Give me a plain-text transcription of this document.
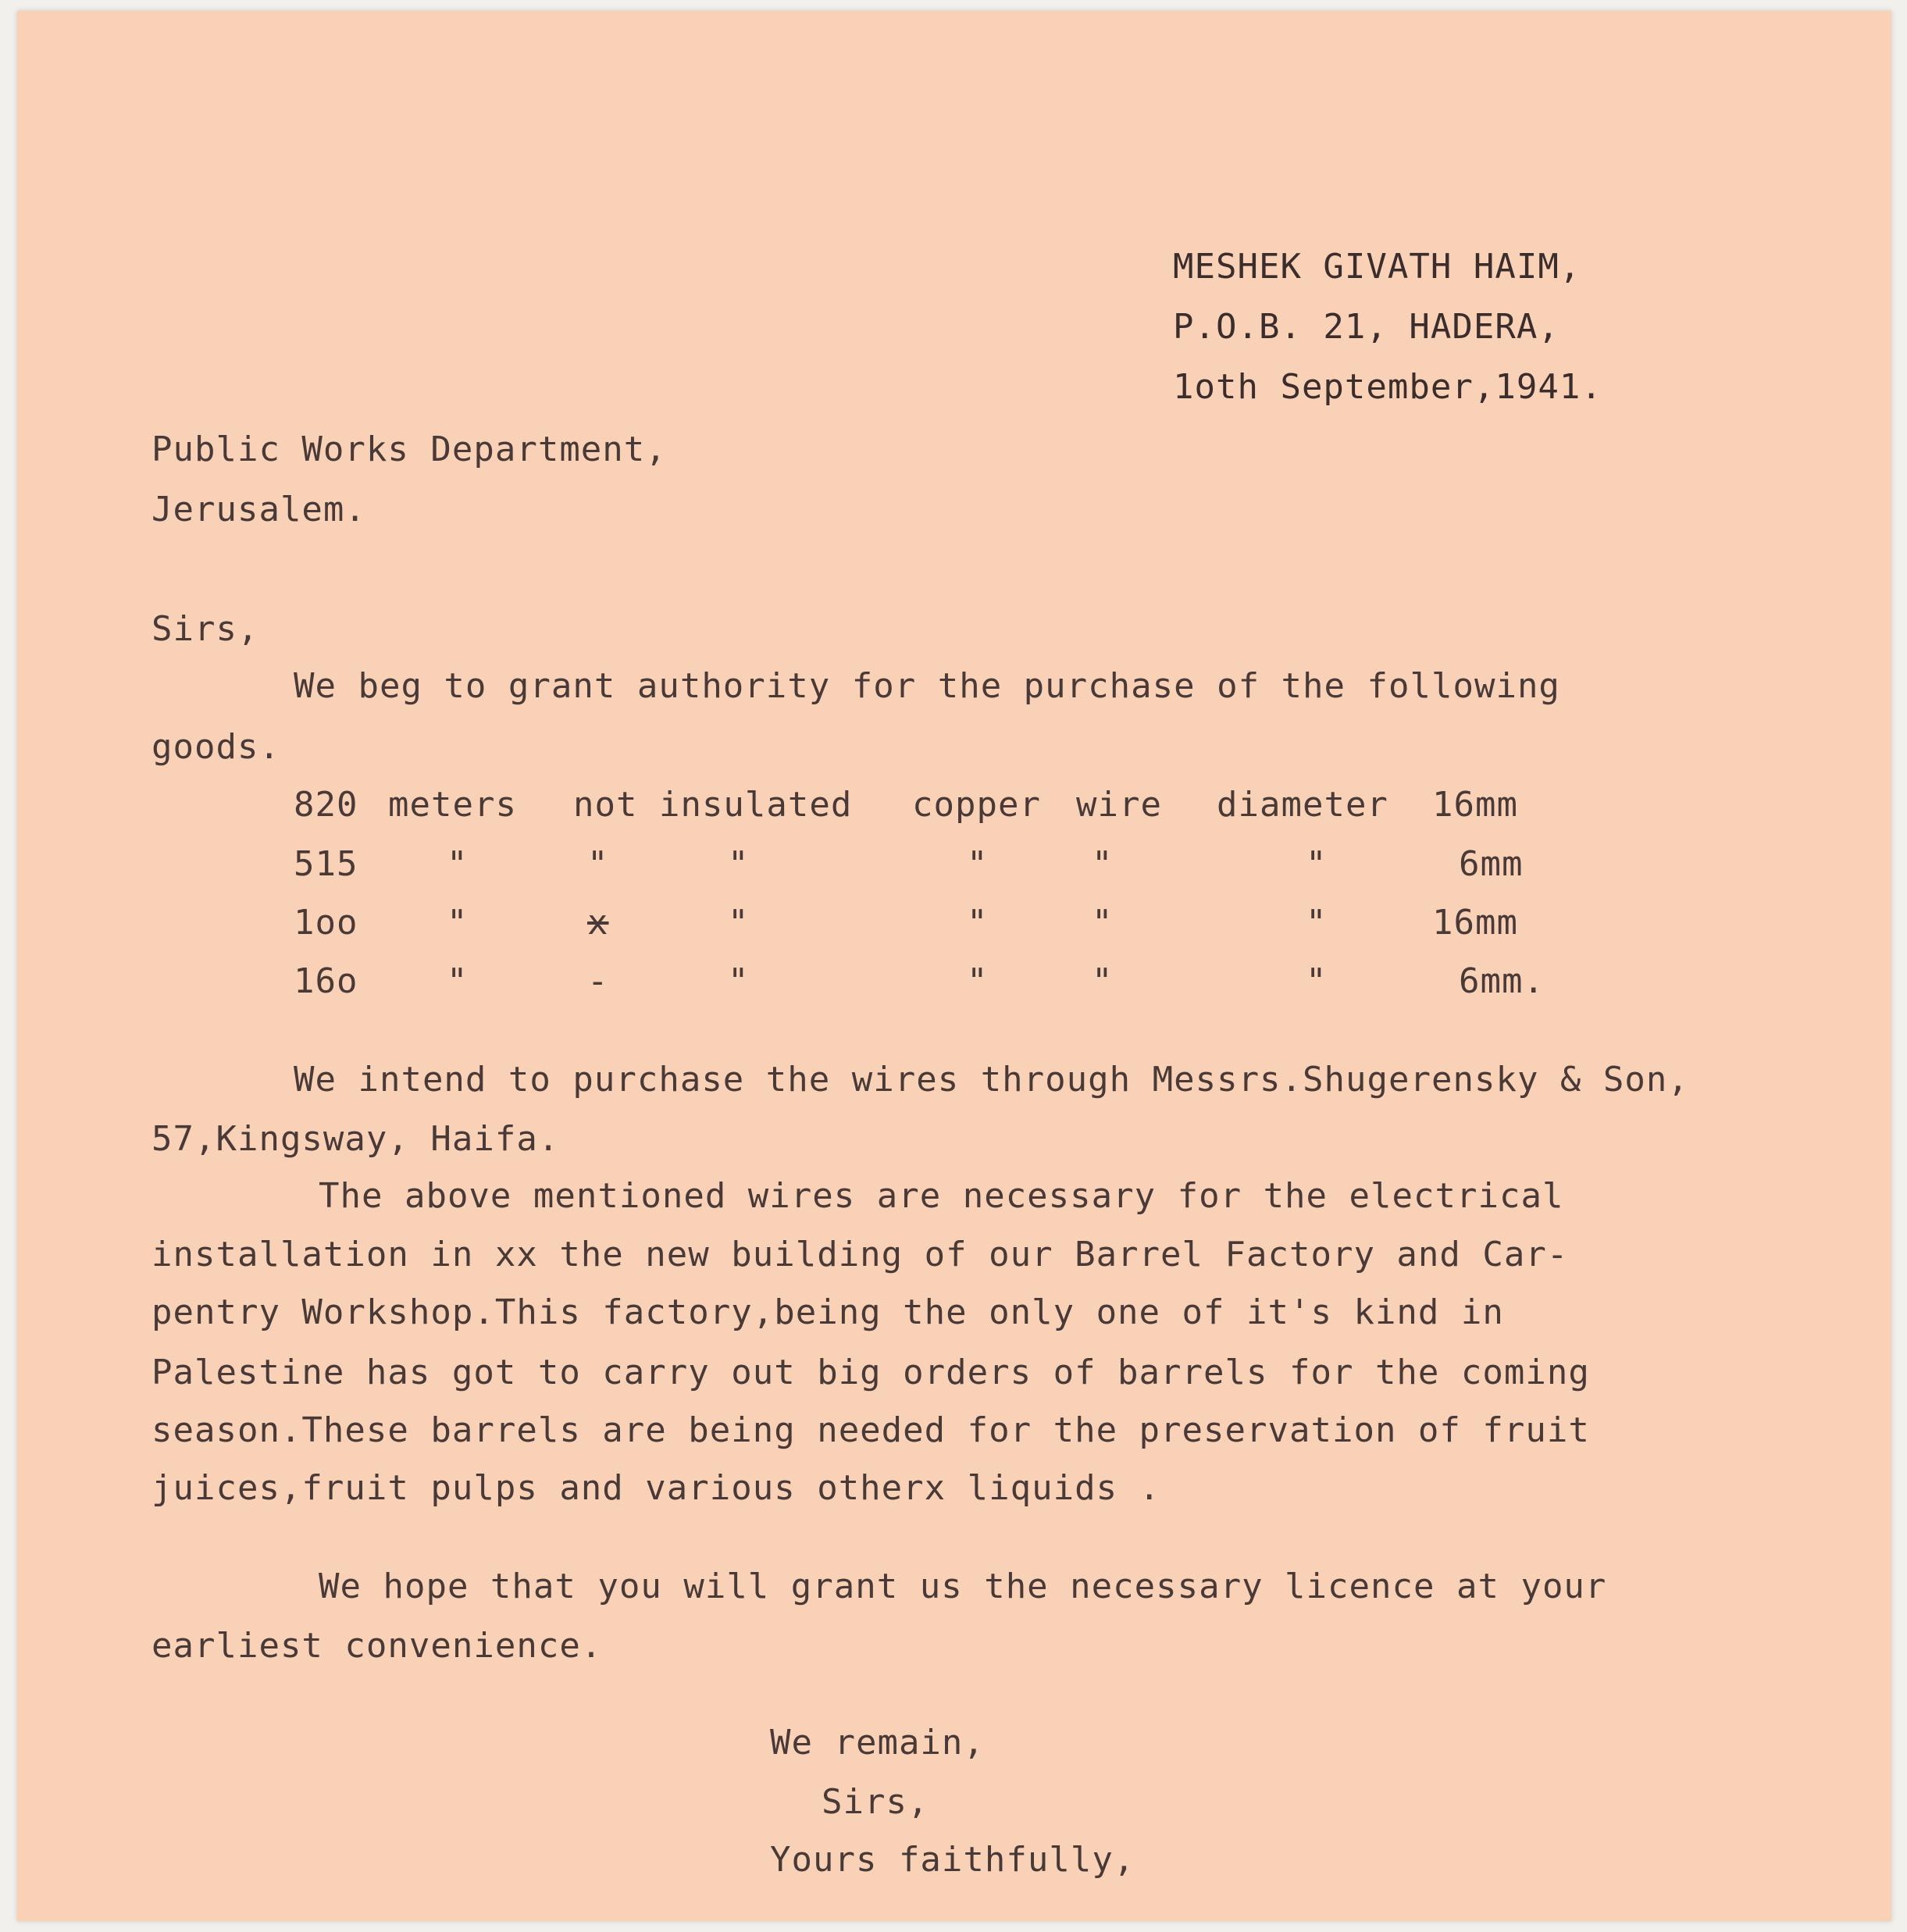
MESHEK GIVATH HAIM,
P.O.B. 21, HADERA,
1oth September,1941.
Public Works Department,
Jerusalem.
Sirs,
We beg to grant authority for the purchase of the following
goods.
820 meters not insulated copper wire diameter 16mm
515	"	"	"	"	"	"	6mm
1oo	"	x	"	"	"	"	16mm
16o	"	-	"	"	"	"	6mm.
We intend to purchase the wires through Messrs.Shugerensky & Son,
57,Kingsway, Haifa.
The above mentioned wires are necessary for the electrical
installation in xx the new building of our Barrel Factory and Car-
pentry Workshop.This factory,being the only one of it's kind in
Palestine has got to carry out big orders of barrels for the coming
season.These barrels are being needed for the preservation of fruit
juices,fruit pulps and various otherx liquids .
We hope that you will grant us the necessary licence at your
earliest convenience.
We remain,
Sirs,
Yours faithfully,
